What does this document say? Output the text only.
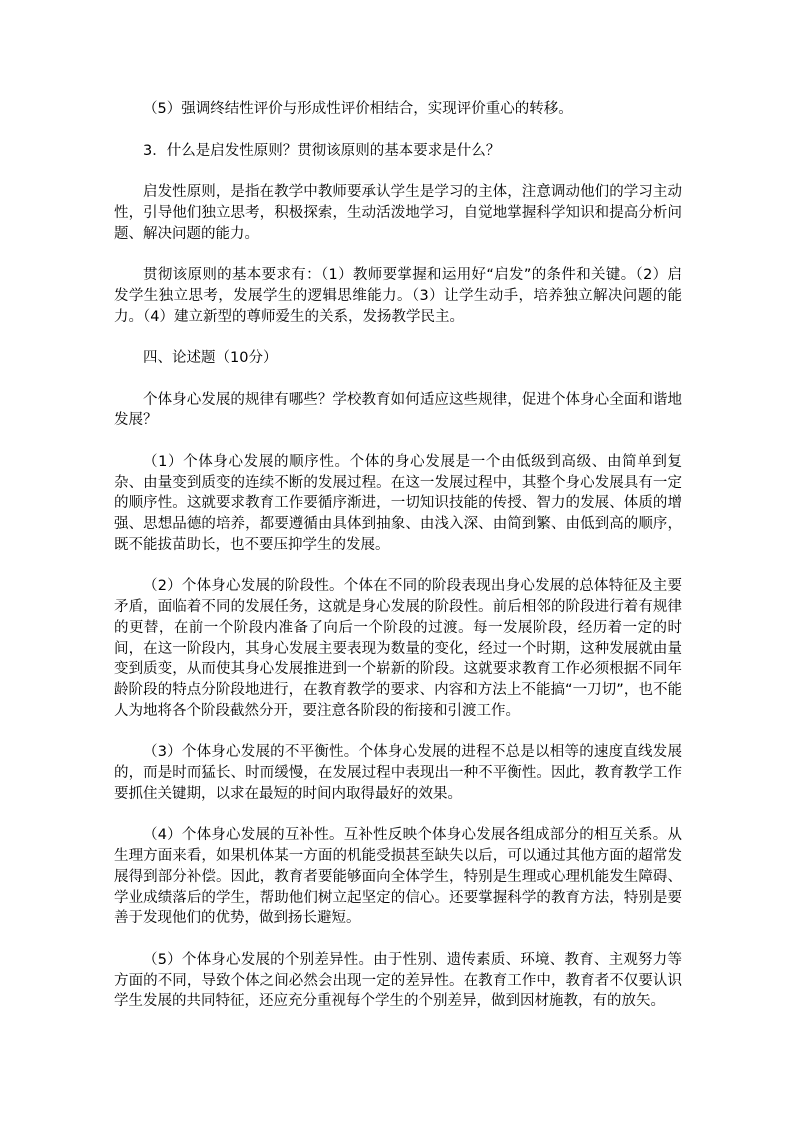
（5）强调终结性评价与形成性评价相结合，实现评价重心的转移。

3．什么是启发性原则？贯彻该原则的基本要求是什么？

启发性原则，是指在教学中教师要承认学生是学习的主体，注意调动他们的学习主动性，引导他们独立思考，积极探索，生动活泼地学习，自觉地掌握科学知识和提高分析问题、解决问题的能力。

贯彻该原则的基本要求有：（1）教师要掌握和运用好“启发”的条件和关键。（2）启发学生独立思考，发展学生的逻辑思维能力。（3）让学生动手，培养独立解决问题的能力。（4）建立新型的尊师爱生的关系，发扬教学民主。

四、论述题（10分）

个体身心发展的规律有哪些？学校教育如何适应这些规律，促进个体身心全面和谐地发展？

（1）个体身心发展的顺序性。个体的身心发展是一个由低级到高级、由简单到复杂、由量变到质变的连续不断的发展过程。在这一发展过程中，其整个身心发展具有一定的顺序性。这就要求教育工作要循序渐进，一切知识技能的传授、智力的发展、体质的增强、思想品德的培养，都要遵循由具体到抽象、由浅入深、由简到繁、由低到高的顺序，既不能拔苗助长，也不要压抑学生的发展。

（2）个体身心发展的阶段性。个体在不同的阶段表现出身心发展的总体特征及主要矛盾，面临着不同的发展任务，这就是身心发展的阶段性。前后相邻的阶段进行着有规律的更替，在前一个阶段内准备了向后一个阶段的过渡。每一发展阶段，经历着一定的时间，在这一阶段内，其身心发展主要表现为数量的变化，经过一个时期，这种发展就由量变到质变，从而使其身心发展推进到一个崭新的阶段。这就要求教育工作必须根据不同年龄阶段的特点分阶段地进行，在教育教学的要求、内容和方法上不能搞“一刀切”，也不能人为地将各个阶段截然分开，要注意各阶段的衔接和引渡工作。

（3）个体身心发展的不平衡性。个体身心发展的进程不总是以相等的速度直线发展的，而是时而猛长、时而缓慢，在发展过程中表现出一种不平衡性。因此，教育教学工作要抓住关键期，以求在最短的时间内取得最好的效果。

（4）个体身心发展的互补性。互补性反映个体身心发展各组成部分的相互关系。从生理方面来看，如果机体某一方面的机能受损甚至缺失以后，可以通过其他方面的超常发展得到部分补偿。因此，教育者要能够面向全体学生，特别是生理或心理机能发生障碍、学业成绩落后的学生，帮助他们树立起坚定的信心。还要掌握科学的教育方法，特别是要善于发现他们的优势，做到扬长避短。

（5）个体身心发展的个别差异性。由于性别、遗传素质、环境、教育、主观努力等方面的不同，导致个体之间必然会出现一定的差异性。在教育工作中，教育者不仅要认识学生发展的共同特征，还应充分重视每个学生的个别差异，做到因材施教，有的放矢。
